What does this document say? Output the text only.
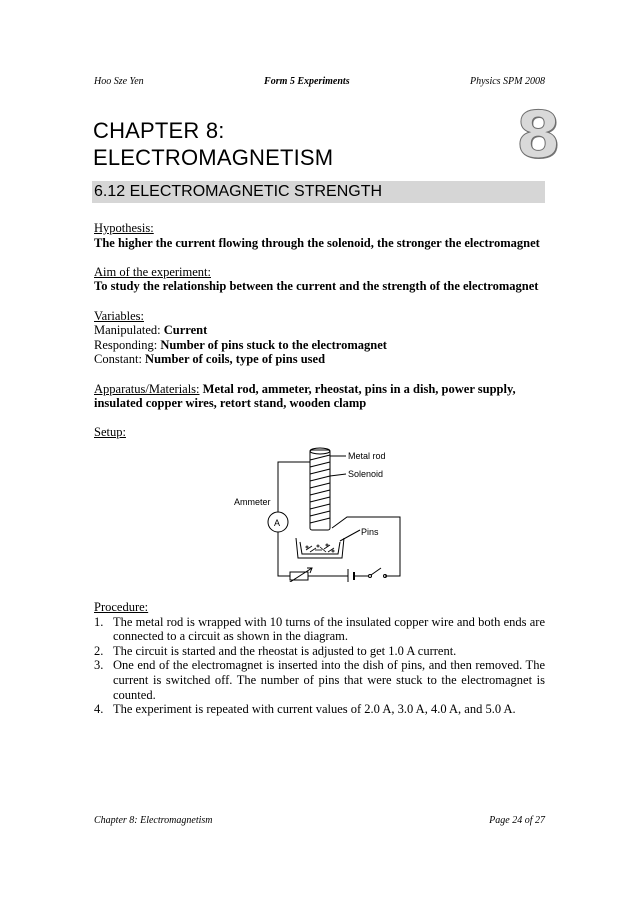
Hoo Sze Yen	Form 5 Experiments	Physics SPM 2008
CHAPTER 8:
ELECTROMAGNETISM	8
6.12 ELECTROMAGNETIC STRENGTH

Hypothesis:
The higher the current flowing through the solenoid, the stronger the electromagnet

Aim of the experiment:
To study the relationship between the current and the strength of the electromagnet

Variables:
Manipulated: Current
Responding: Number of pins stuck to the electromagnet
Constant: Number of coils, type of pins used

Apparatus/Materials: Metal rod, ammeter, rheostat, pins in a dish, power supply, insulated copper wires, retort stand, wooden clamp

Setup:

Metal rod
Solenoid
Ammeter
A
Pins
Procedure:
1. The metal rod is wrapped with 10 turns of the insulated copper wire and both ends are connected to a circuit as shown in the diagram.
2. The circuit is started and the rheostat is adjusted to get 1.0 A current.
3. One end of the electromagnet is inserted into the dish of pins, and then removed. The current is switched off. The number of pins that were stuck to the electromagnet is counted.
4. The experiment is repeated with current values of 2.0 A, 3.0 A, 4.0 A, and 5.0 A.
Chapter 8: Electromagnetism	Page 24 of 27
